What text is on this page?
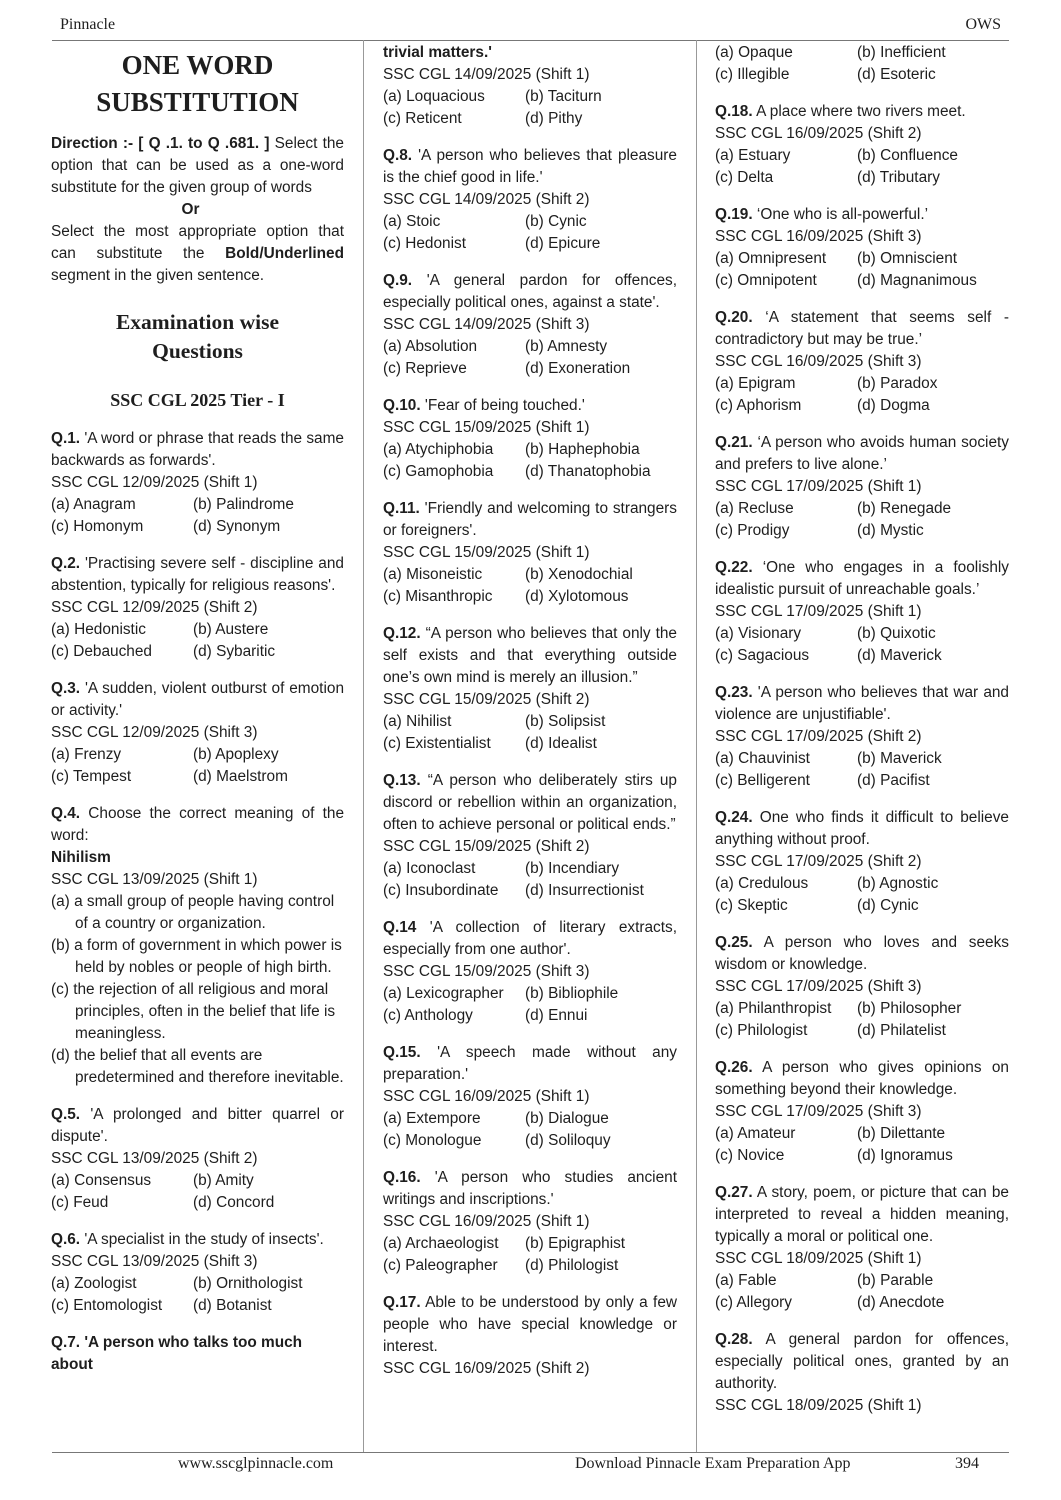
Pinnacle	OWS
ONE WORD
SUBSTITUTION

Direction :- [ Q .1. to Q .681. ] Select the option that can be used as a one-word substitute for the given group of words

Or

Select the most appropriate option that can substitute the Bold/Underlined segment in the given sentence.

Examination wise
Questions
SSC CGL 2025 Tier - I
Q.1. 'A word or phrase that reads the same backwards as forwards'.
SSC CGL 12/09/2025 (Shift 1)
(a) Anagram	(b) Palindrome
(c) Homonym	(d) Synonym
Q.2. 'Practising severe self - discipline and abstention, typically for religious reasons'.
SSC CGL 12/09/2025 (Shift 2)
(a) Hedonistic	(b) Austere
(c) Debauched	(d) Sybaritic
Q.3. 'A sudden, violent outburst of emotion or activity.'
SSC CGL 12/09/2025 (Shift 3)
(a) Frenzy	(b) Apoplexy
(c) Tempest	(d) Maelstrom
Q.4. Choose the correct meaning of the word:
Nihilism
SSC CGL 13/09/2025 (Shift 1)
(a) a small group of people having control of a country or organization.
(b) a form of government in which power is held by nobles or people of high birth.
(c) the rejection of all religious and moral principles, often in the belief that life is meaningless.
(d) the belief that all events are predetermined and therefore inevitable.
Q.5. 'A prolonged and bitter quarrel or dispute'.
SSC CGL 13/09/2025 (Shift 2)
(a) Consensus	(b) Amity
(c) Feud	(d) Concord
Q.6. 'A specialist in the study of insects'.
SSC CGL 13/09/2025 (Shift 3)
(a) Zoologist	(b) Ornithologist
(c) Entomologist	(d) Botanist
Q.7. 'A person who talks too much about
trivial matters.'
SSC CGL 14/09/2025 (Shift 1)
(a) Loquacious	(b) Taciturn
(c) Reticent	(d) Pithy
Q.8. 'A person who believes that pleasure is the chief good in life.'
SSC CGL 14/09/2025 (Shift 2)
(a) Stoic	(b) Cynic
(c) Hedonist	(d) Epicure
Q.9. 'A general pardon for offences, especially political ones, against a state'.
SSC CGL 14/09/2025 (Shift 3)
(a) Absolution	(b) Amnesty
(c) Reprieve	(d) Exoneration
Q.10. 'Fear of being touched.'
SSC CGL 15/09/2025 (Shift 1)
(a) Atychiphobia	(b) Haphephobia
(c) Gamophobia	(d) Thanatophobia
Q.11. 'Friendly and welcoming to strangers or foreigners'.
SSC CGL 15/09/2025 (Shift 1)
(a) Misoneistic	(b) Xenodochial
(c) Misanthropic	(d) Xylotomous
Q.12. “A person who believes that only the self exists and that everything outside one’s own mind is merely an illusion.”
SSC CGL 15/09/2025 (Shift 2)
(a) Nihilist	(b) Solipsist
(c) Existentialist	(d) Idealist
Q.13. “A person who deliberately stirs up discord or rebellion within an organization, often to achieve personal or political ends.”
SSC CGL 15/09/2025 (Shift 2)
(a) Iconoclast	(b) Incendiary
(c) Insubordinate	(d) Insurrectionist
Q.14 'A collection of literary extracts, especially from one author'.
SSC CGL 15/09/2025 (Shift 3)
(a) Lexicographer	(b) Bibliophile
(c) Anthology	(d) Ennui
Q.15. 'A speech made without any preparation.'
SSC CGL 16/09/2025 (Shift 1)
(a) Extempore	(b) Dialogue
(c) Monologue	(d) Soliloquy
Q.16. 'A person who studies ancient writings and inscriptions.'
SSC CGL 16/09/2025 (Shift 1)
(a) Archaeologist	(b) Epigraphist
(c) Paleographer	(d) Philologist
Q.17. Able to be understood by only a few people who have special knowledge or interest.
SSC CGL 16/09/2025 (Shift 2)
(a) Opaque	(b) Inefficient
(c) Illegible	(d) Esoteric
Q.18. A place where two rivers meet.
SSC CGL 16/09/2025 (Shift 2)
(a) Estuary	(b) Confluence
(c) Delta	(d) Tributary
Q.19. ‘One who is all-powerful.’
SSC CGL 16/09/2025 (Shift 3)
(a) Omnipresent	(b) Omniscient
(c) Omnipotent	(d) Magnanimous
Q.20. ‘A statement that seems self - contradictory but may be true.’
SSC CGL 16/09/2025 (Shift 3)
(a) Epigram	(b) Paradox
(c) Aphorism	(d) Dogma
Q.21. ‘A person who avoids human society and prefers to live alone.’
SSC CGL 17/09/2025 (Shift 1)
(a) Recluse	(b) Renegade
(c) Prodigy	(d) Mystic
Q.22. ‘One who engages in a foolishly idealistic pursuit of unreachable goals.’
SSC CGL 17/09/2025 (Shift 1)
(a) Visionary	(b) Quixotic
(c) Sagacious	(d) Maverick
Q.23. 'A person who believes that war and violence are unjustifiable'.
SSC CGL 17/09/2025 (Shift 2)
(a) Chauvinist	(b) Maverick
(c) Belligerent	(d) Pacifist
Q.24. One who finds it difficult to believe anything without proof.
SSC CGL 17/09/2025 (Shift 2)
(a) Credulous	(b) Agnostic
(c) Skeptic	(d) Cynic
Q.25. A person who loves and seeks wisdom or knowledge.
SSC CGL 17/09/2025 (Shift 3)
(a) Philanthropist	(b) Philosopher
(c) Philologist	(d) Philatelist
Q.26. A person who gives opinions on something beyond their knowledge.
SSC CGL 17/09/2025 (Shift 3)
(a) Amateur	(b) Dilettante
(c) Novice	(d) Ignoramus
Q.27. A story, poem, or picture that can be interpreted to reveal a hidden meaning, typically a moral or political one.
SSC CGL 18/09/2025 (Shift 1)
(a) Fable	(b) Parable
(c) Allegory	(d) Anecdote
Q.28. A general pardon for offences, especially political ones, granted by an authority.
SSC CGL 18/09/2025 (Shift 1)
www.sscglpinnacle.com	Download Pinnacle Exam Preparation App	394
